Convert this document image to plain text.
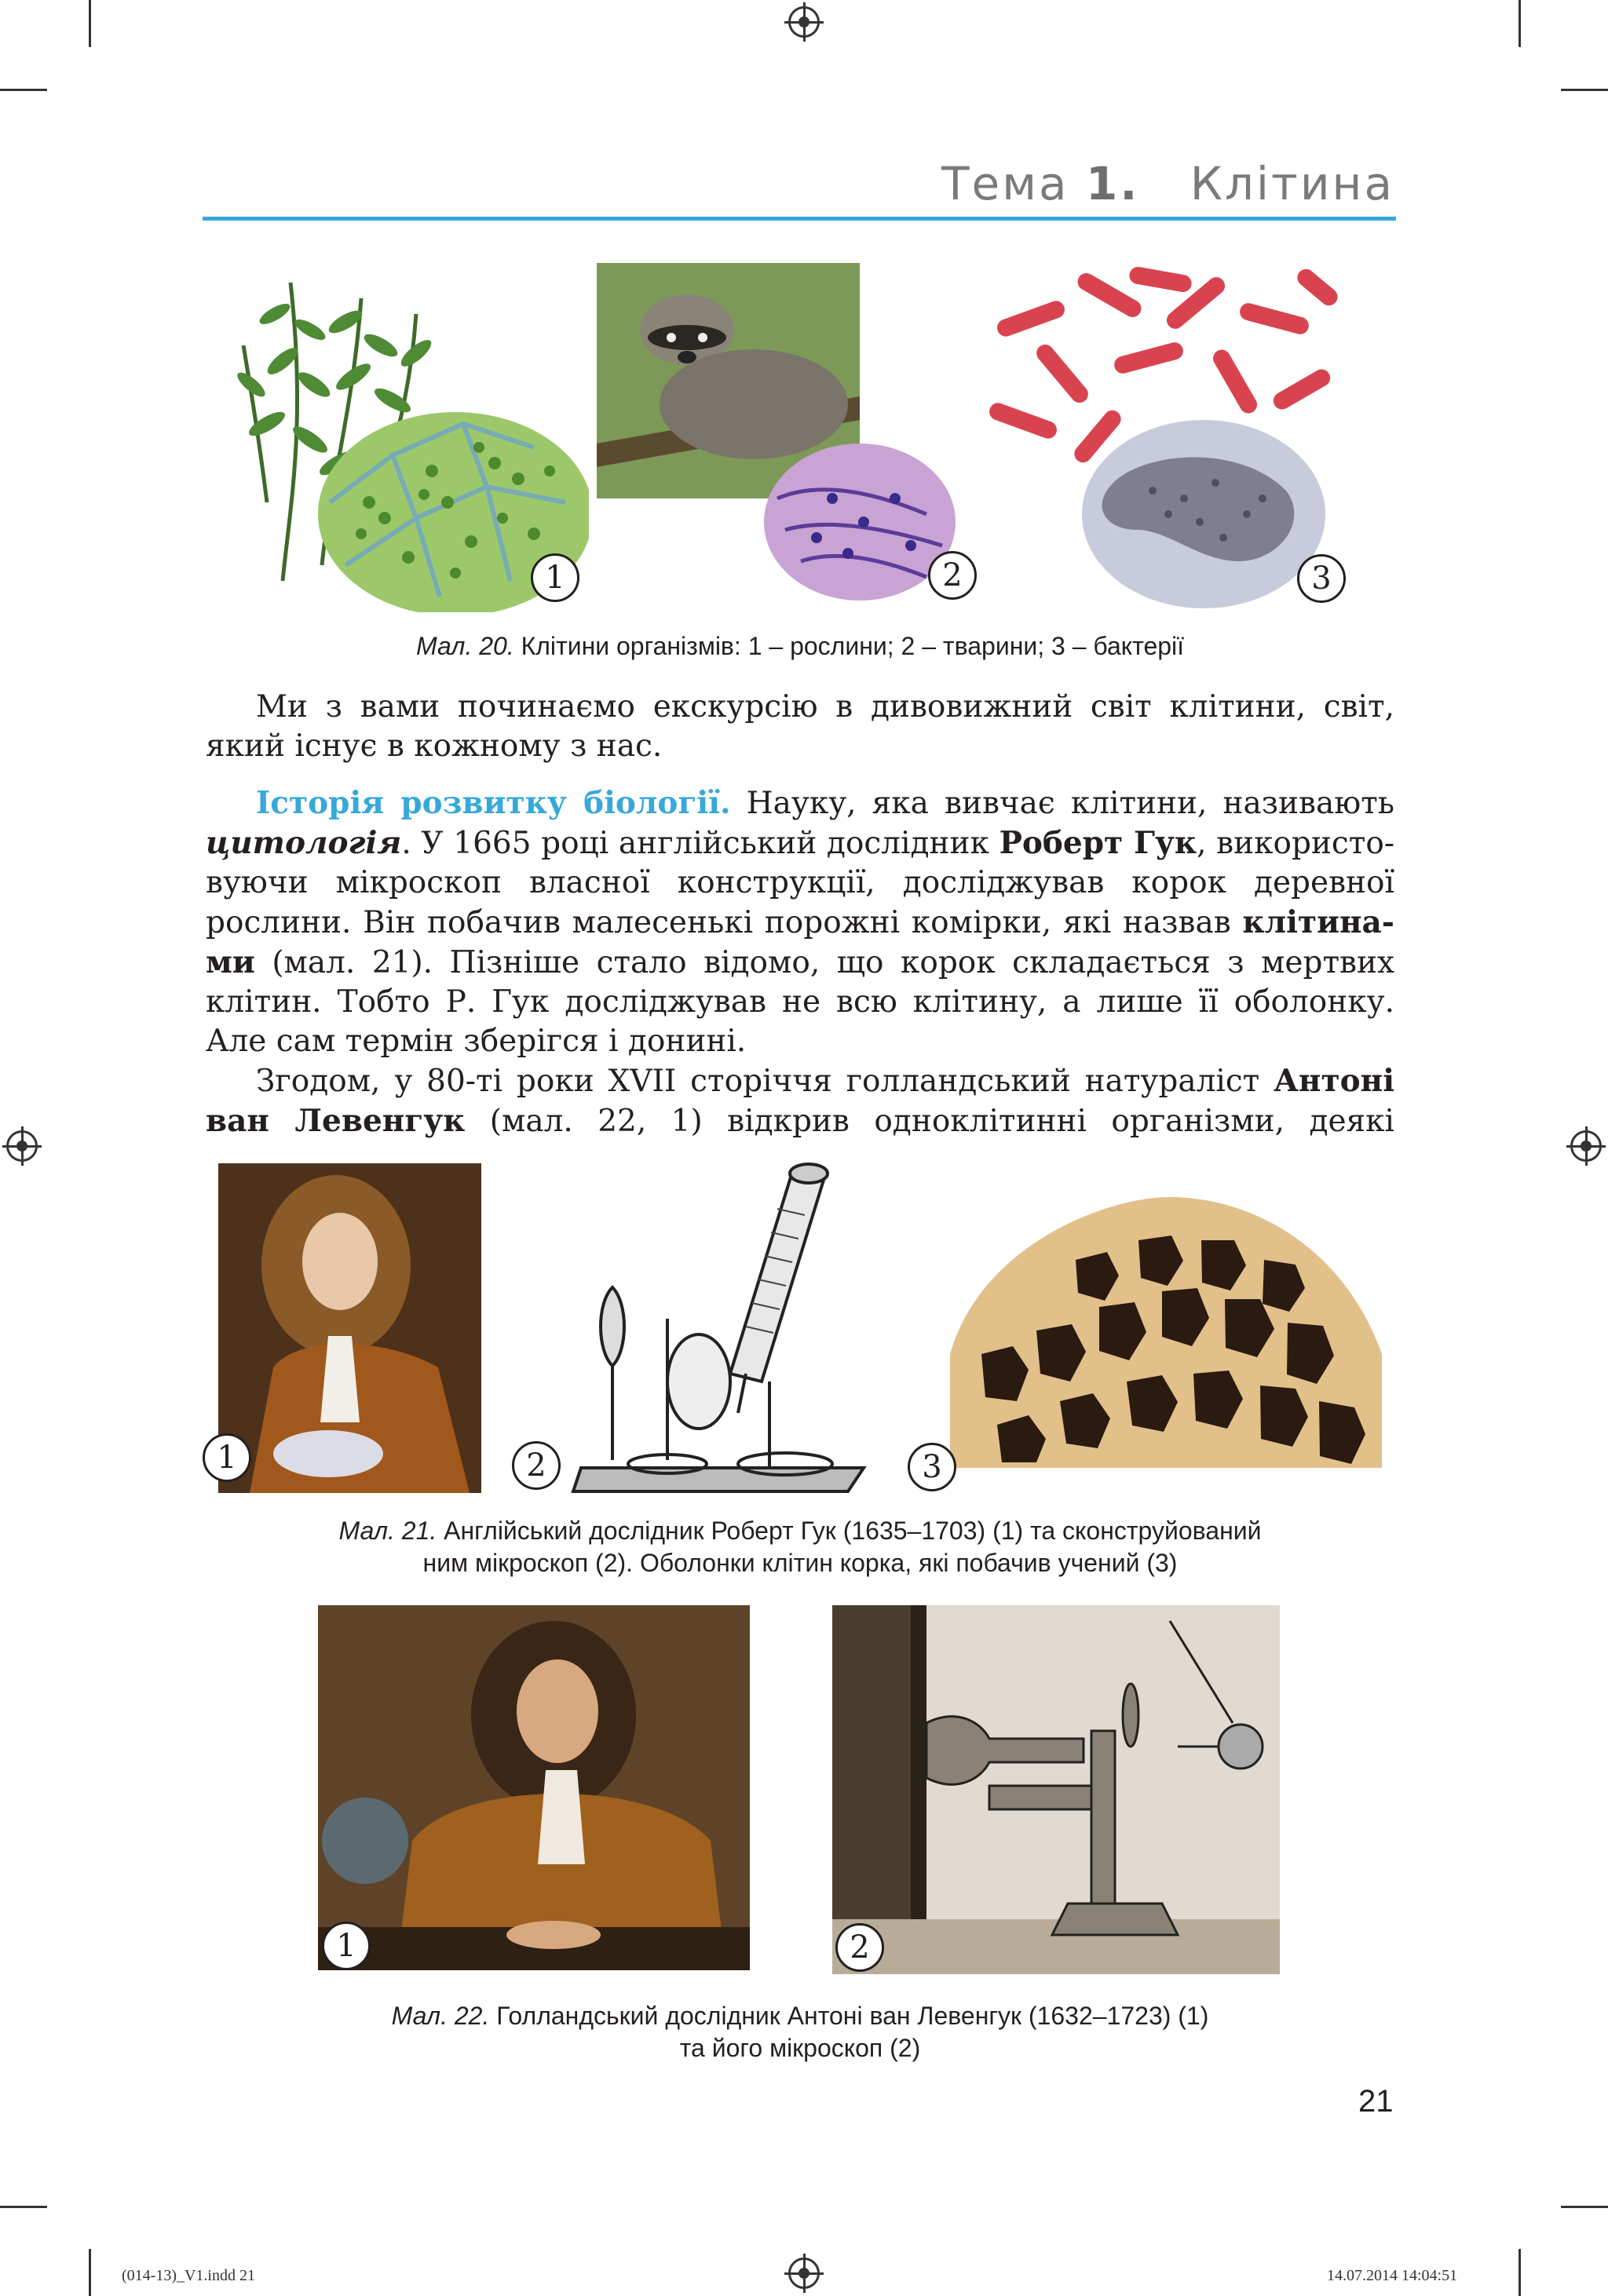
Тема 1. Клітина
1	2	3
Мал. 20. Клітини організмів: 1 – рослини; 2 – тварини; 3 – бактерії
Ми з вами починаємо екскурсію в дивовижний світ клітини, світ,
який існує в кожному з нас.
Історія розвитку біології. Науку, яка вивчає клітини, називають
цитологія. У 1665 році англійський дослідник Роберт Гук, використо-
вуючи мікроскоп власної конструкції, досліджував корок деревної
рослини. Він побачив малесенькі порожні комірки, які назвав клітина-
ми (мал. 21). Пізніше стало відомо, що корок складається з мертвих
клітин. Тобто Р. Гук досліджував не всю клітину, а лише її оболонку.
Але сам термін зберігся і донині.
Згодом, у 80-ті роки XVII сторіччя голландський натураліст Антоні
ван Левенгук (мал. 22, 1) відкрив одноклітинні організми, деякі
1	2	3
Мал. 21. Англійський дослідник Роберт Гук (1635–1703) (1) та сконструйований
ним мікроскоп (2). Оболонки клітин корка, які побачив учений (3)
1	2
Мал. 22. Голландський дослідник Антоні ван Левенгук (1632–1723) (1)
та його мікроскоп (2)
21
(014-13)_V1.indd 21	14.07.2014 14:04:51
